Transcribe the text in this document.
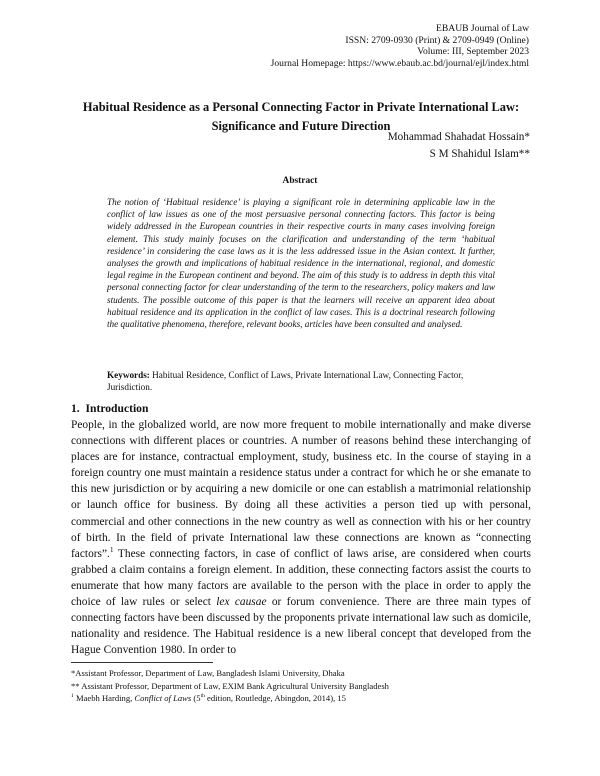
EBAUB Journal of Law
ISSN: 2709-0930 (Print) & 2709-0949 (Online)
Volume: III, September 2023
Journal Homepage: https://www.ebaub.ac.bd/journal/ejl/index.html
Habitual Residence as a Personal Connecting Factor in Private International Law:
Significance and Future Direction
Mohammad Shahadat Hossain*
S M Shahidul Islam**
Abstract

The notion of ‘Habitual residence’ is playing a significant role in determining applicable law in the conflict of law issues as one of the most persuasive personal connecting factors. This factor is being widely addressed in the European countries in their respective courts in many cases involving foreign element. This study mainly focuses on the clarification and understanding of the term ‘habitual residence’ in considering the case laws as it is the less addressed issue in the Asian context. It further, analyses the growth and implications of habitual residence in the international, regional, and domestic legal regime in the European continent and beyond. The aim of this study is to address in depth this vital personal connecting factor for clear understanding of the term to the researchers, policy makers and law students. The possible outcome of this paper is that the learners will receive an apparent idea about habitual residence and its application in the conflict of law cases. This is a doctrinal research following the qualitative phenomena, therefore, relevant books, articles have been consulted and analysed.

Keywords: Habitual Residence, Conflict of Laws, Private International Law, Connecting Factor, Jurisdiction.

1. Introduction

People, in the globalized world, are now more frequent to mobile internationally and make diverse connections with different places or countries. A number of reasons behind these interchanging of places are for instance, contractual employment, study, business etc. In the course of staying in a foreign country one must maintain a residence status under a contract for which he or she emanate to this new jurisdiction or by acquiring a new domicile or one can establish a matrimonial relationship or launch office for business. By doing all these activities a person tied up with personal, commercial and other connections in the new country as well as connection with his or her country of birth. In the field of private International law these connections are known as “connecting factors”.$^1$ These connecting factors, in case of conflict of laws arise, are considered when courts grabbed a claim contains a foreign element. In addition, these connecting factors assist the courts to enumerate that how many factors are available to the person with the place in order to apply the choice of law rules or select lex causae or forum convenience. There are three main types of connecting factors have been discussed by the proponents private international law such as domicile, nationality and residence. The Habitual residence is a new liberal concept that developed from the Hague Convention 1980. In order to

*Assistant Professor, Department of Law, Bangladesh Islami University, Dhaka
** Assistant Professor, Department of Law, EXIM Bank Agricultural University Bangladesh
$^1$ Maebh Harding, Conflict of Laws (5th edition, Routledge, Abingdon, 2014), 15
